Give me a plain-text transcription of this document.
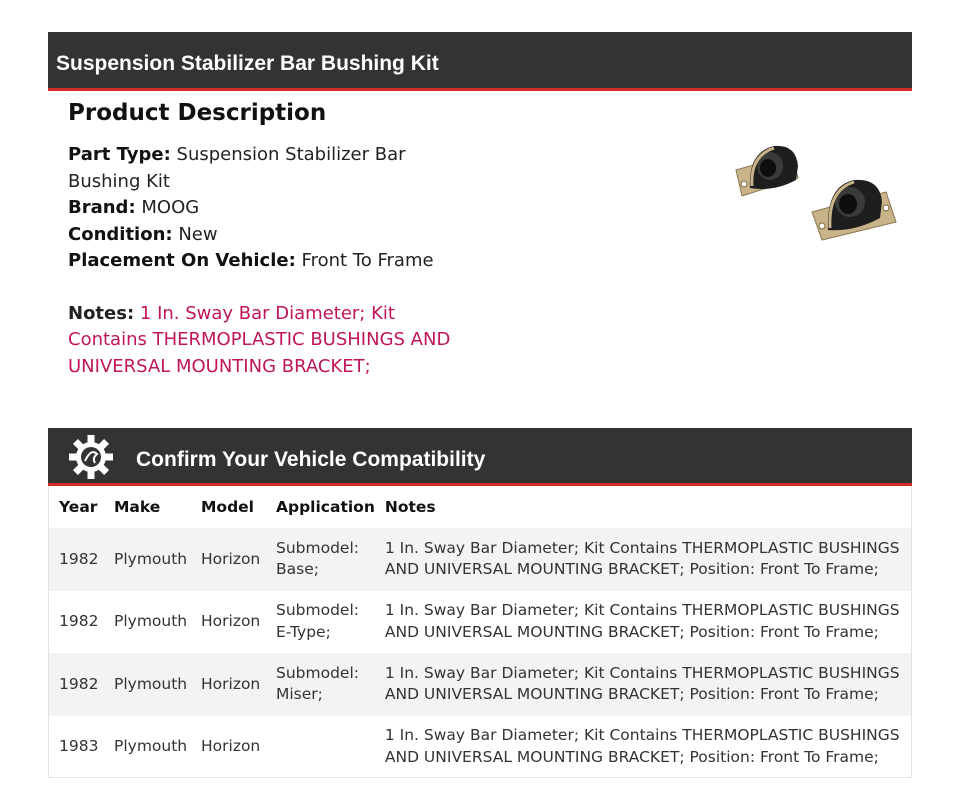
Suspension Stabilizer Bar Bushing Kit
Product Description
Part Type: Suspension Stabilizer Bar Bushing Kit
Brand: MOOG
Condition: New
Placement On Vehicle: Front To Frame
Notes: 1 In. Sway Bar Diameter; Kit Contains THERMOPLASTIC BUSHINGS AND UNIVERSAL MOUNTING BRACKET;
Confirm Your Vehicle Compatibility
Year	Make	Model	Application	Notes
1982	Plymouth	Horizon	Submodel: Base;	1 In. Sway Bar Diameter; Kit Contains THERMOPLASTIC BUSHINGS AND UNIVERSAL MOUNTING BRACKET; Position: Front To Frame;
1982	Plymouth	Horizon	Submodel: E-Type;	1 In. Sway Bar Diameter; Kit Contains THERMOPLASTIC BUSHINGS AND UNIVERSAL MOUNTING BRACKET; Position: Front To Frame;
1982	Plymouth	Horizon	Submodel: Miser;	1 In. Sway Bar Diameter; Kit Contains THERMOPLASTIC BUSHINGS AND UNIVERSAL MOUNTING BRACKET; Position: Front To Frame;
1983	Plymouth	Horizon		1 In. Sway Bar Diameter; Kit Contains THERMOPLASTIC BUSHINGS AND UNIVERSAL MOUNTING BRACKET; Position: Front To Frame;
